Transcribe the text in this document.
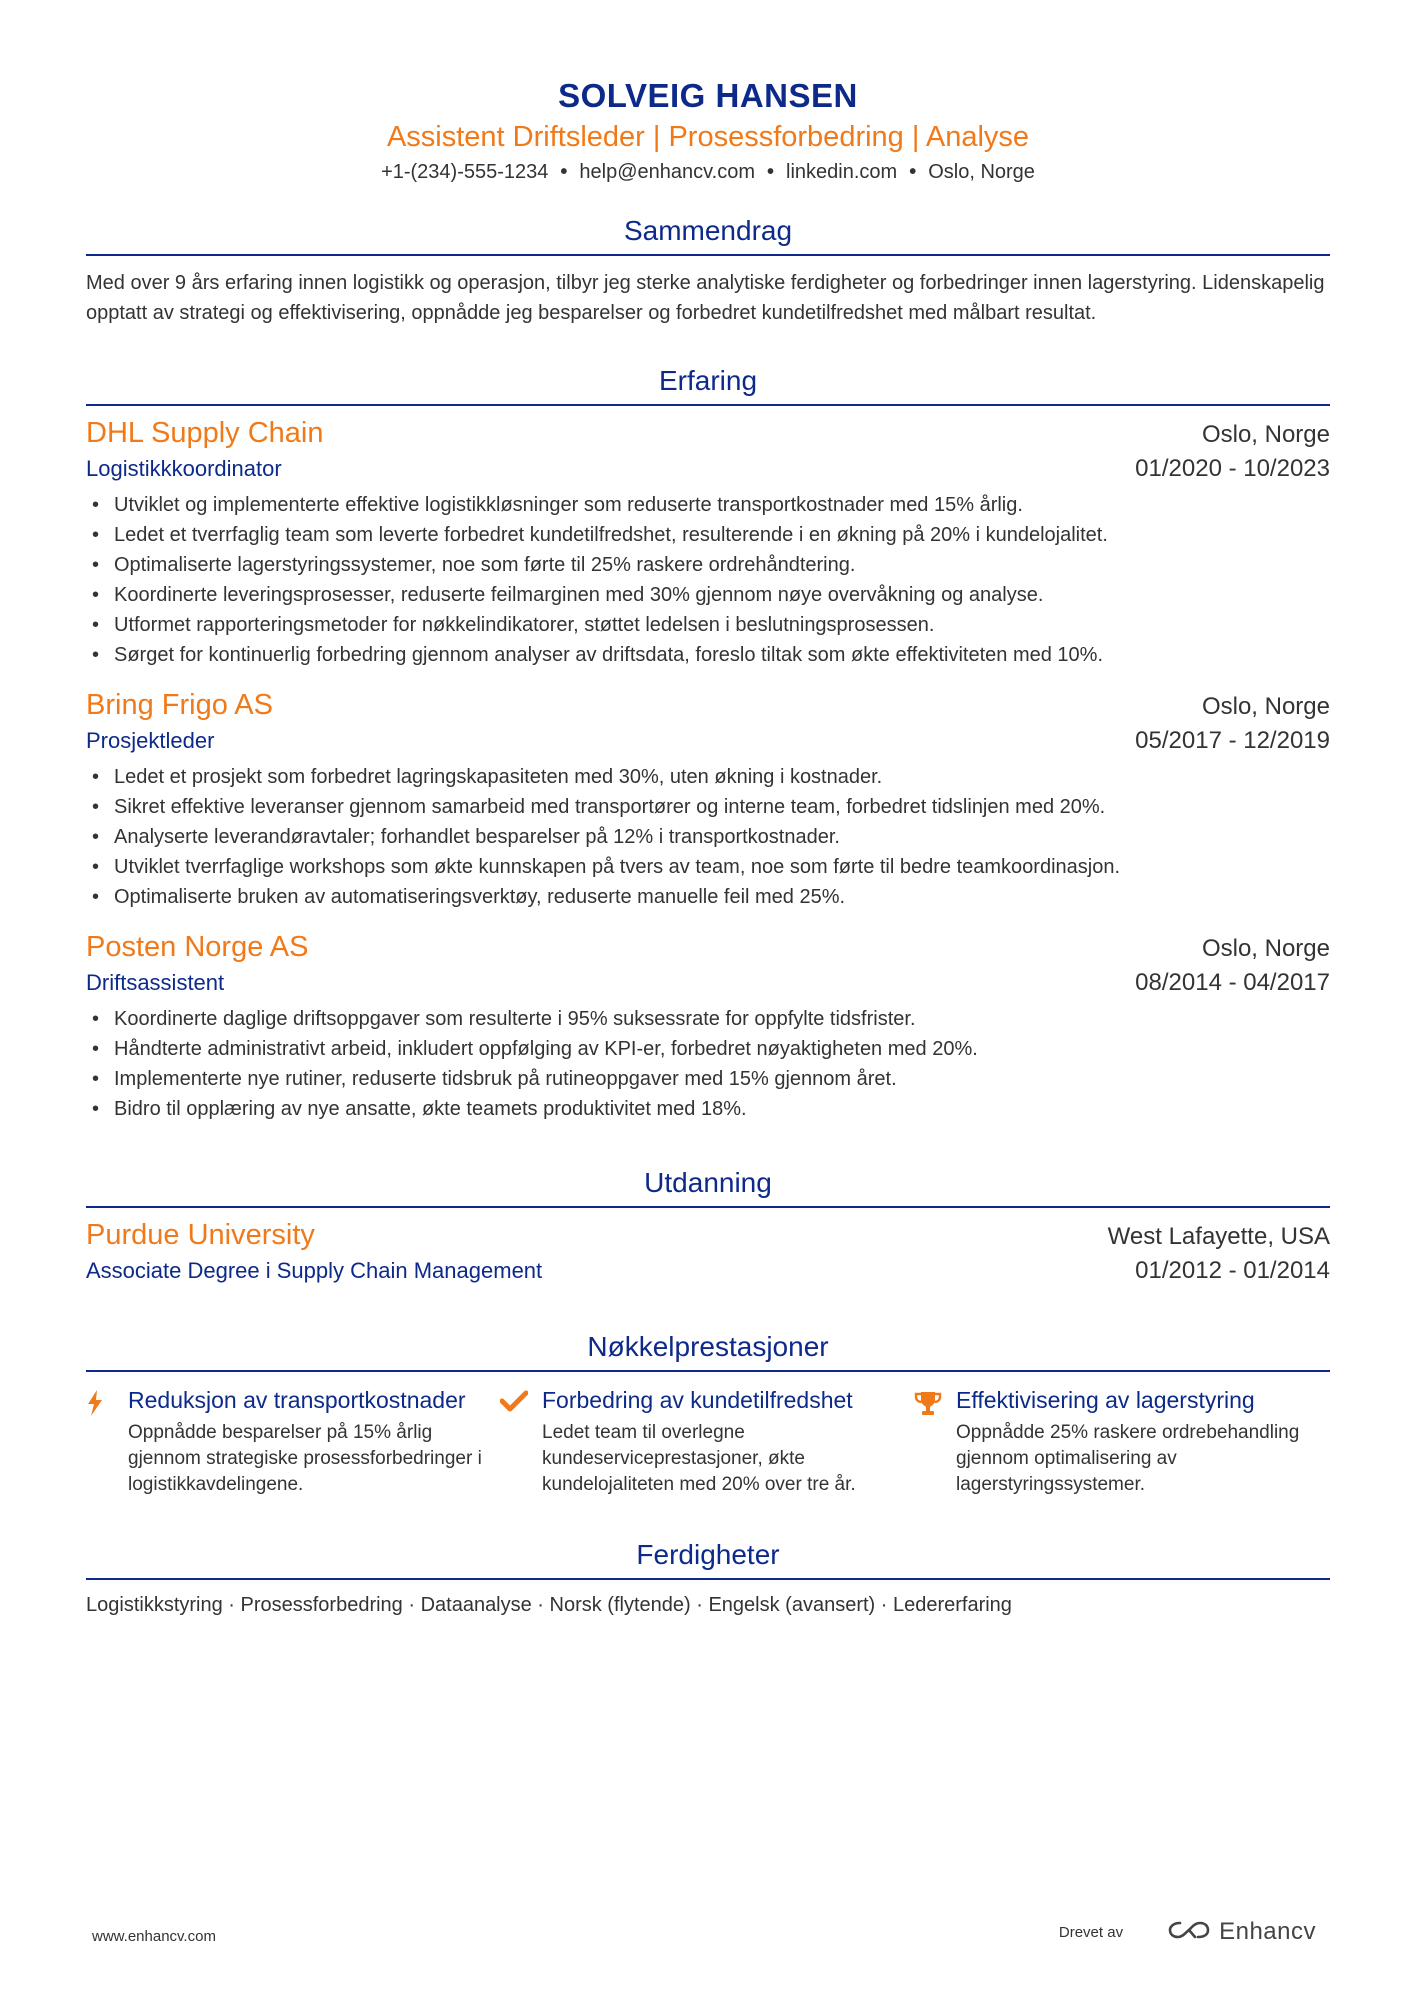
SOLVEIG HANSEN
Assistent Driftsleder | Prosessforbedring | Analyse
+1-(234)-555-1234 • help@enhancv.com • linkedin.com • Oslo, Norge
Sammendrag
Med over 9 års erfaring innen logistikk og operasjon, tilbyr jeg sterke analytiske ferdigheter og forbedringer innen lagerstyring. Lidenskapelig opptatt av strategi og effektivisering, oppnådde jeg besparelser og forbedret kundetilfredshet med målbart resultat.
Erfaring
DHL Supply Chain	Oslo, Norge
Logistikkkoordinator	01/2020 - 10/2023
• Utviklet og implementerte effektive logistikkløsninger som reduserte transportkostnader med 15% årlig.
• Ledet et tverrfaglig team som leverte forbedret kundetilfredshet, resulterende i en økning på 20% i kundelojalitet.
• Optimaliserte lagerstyringssystemer, noe som førte til 25% raskere ordrehåndtering.
• Koordinerte leveringsprosesser, reduserte feilmarginen med 30% gjennom nøye overvåkning og analyse.
• Utformet rapporteringsmetoder for nøkkelindikatorer, støttet ledelsen i beslutningsprosessen.
• Sørget for kontinuerlig forbedring gjennom analyser av driftsdata, foreslo tiltak som økte effektiviteten med 10%.
Bring Frigo AS	Oslo, Norge
Prosjektleder	05/2017 - 12/2019
• Ledet et prosjekt som forbedret lagringskapasiteten med 30%, uten økning i kostnader.
• Sikret effektive leveranser gjennom samarbeid med transportører og interne team, forbedret tidslinjen med 20%.
• Analyserte leverandøravtaler; forhandlet besparelser på 12% i transportkostnader.
• Utviklet tverrfaglige workshops som økte kunnskapen på tvers av team, noe som førte til bedre teamkoordinasjon.
• Optimaliserte bruken av automatiseringsverktøy, reduserte manuelle feil med 25%.
Posten Norge AS	Oslo, Norge
Driftsassistent	08/2014 - 04/2017
• Koordinerte daglige driftsoppgaver som resulterte i 95% suksessrate for oppfylte tidsfrister.
• Håndterte administrativt arbeid, inkludert oppfølging av KPI-er, forbedret nøyaktigheten med 20%.
• Implementerte nye rutiner, reduserte tidsbruk på rutineoppgaver med 15% gjennom året.
• Bidro til opplæring av nye ansatte, økte teamets produktivitet med 18%.
Utdanning
Purdue University	West Lafayette, USA
Associate Degree i Supply Chain Management	01/2012 - 01/2014
Nøkkelprestasjoner
Reduksjon av transportkostnader
Oppnådde besparelser på 15% årlig gjennom strategiske prosessforbedringer i logistikkavdelingene.
Forbedring av kundetilfredshet
Ledet team til overlegne kundeserviceprestasjoner, økte kundelojaliteten med 20% over tre år.
Effektivisering av lagerstyring
Oppnådde 25% raskere ordrebehandling gjennom optimalisering av lagerstyringssystemer.
Ferdigheter
Logistikkstyring · Prosessforbedring · Dataanalyse · Norsk (flytende) · Engelsk (avansert) · Ledererfaring
www.enhancv.com	Drevet av	Enhancv
